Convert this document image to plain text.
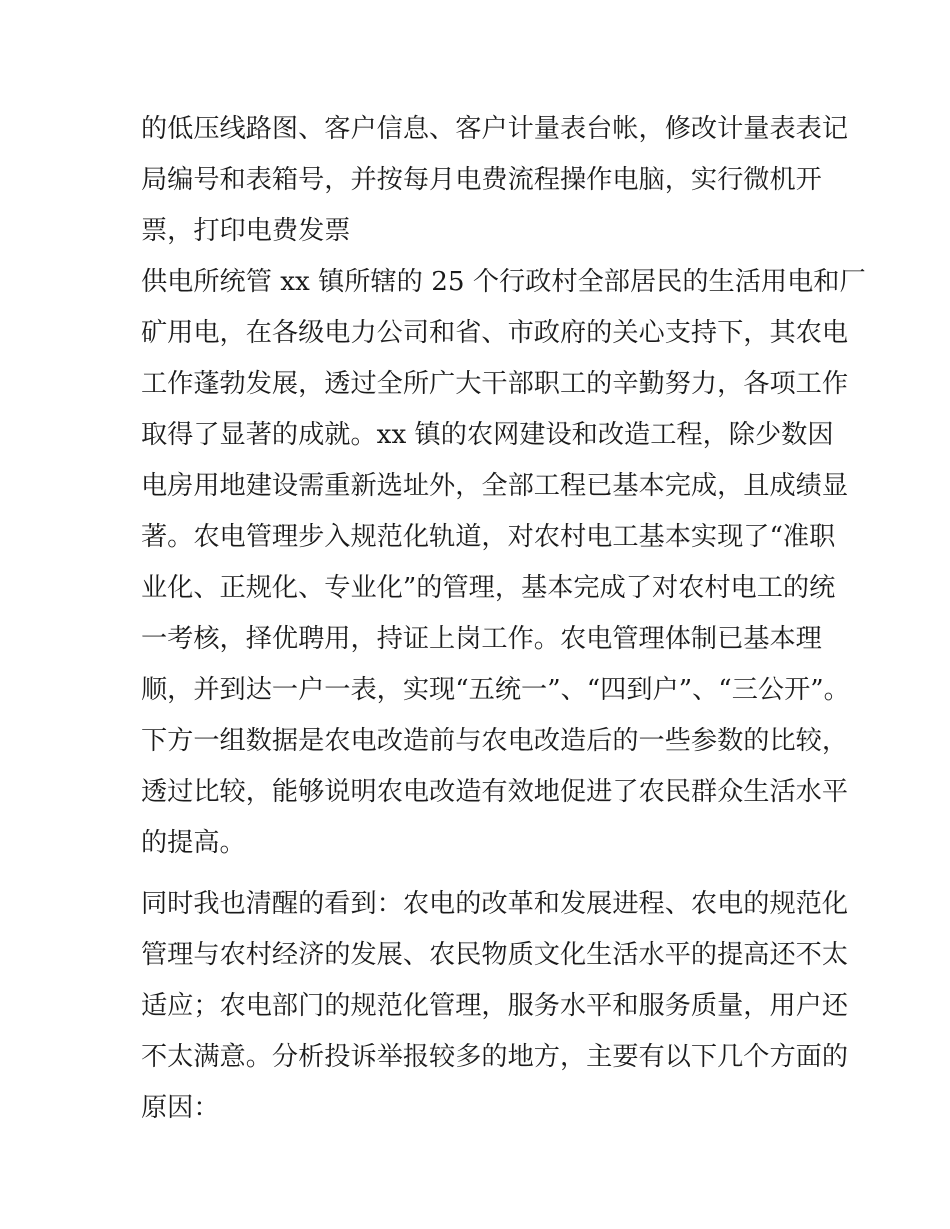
的低压线路图、客户信息、客户计量表台帐，修改计量表表记
局编号和表箱号，并按每月电费流程操作电脑，实行微机开
票，打印电费发票
供电所统管 xx 镇所辖的 25 个行政村全部居民的生活用电和厂
矿用电，在各级电力公司和省、市政府的关心支持下，其农电
工作蓬勃发展，透过全所广大干部职工的辛勤努力，各项工作
取得了显著的成就。xx 镇的农网建设和改造工程，除少数因
电房用地建设需重新选址外，全部工程已基本完成，且成绩显
著。农电管理步入规范化轨道，对农村电工基本实现了“准职
业化、正规化、专业化”的管理，基本完成了对农村电工的统
一考核，择优聘用，持证上岗工作。农电管理体制已基本理
顺，并到达一户一表，实现“五统一”、“四到户”、“三公开”。
下方一组数据是农电改造前与农电改造后的一些参数的比较，
透过比较，能够说明农电改造有效地促进了农民群众生活水平
的提高。
同时我也清醒的看到：农电的改革和发展进程、农电的规范化
管理与农村经济的发展、农民物质文化生活水平的提高还不太
适应；农电部门的规范化管理，服务水平和服务质量，用户还
不太满意。分析投诉举报较多的地方，主要有以下几个方面的
原因：
